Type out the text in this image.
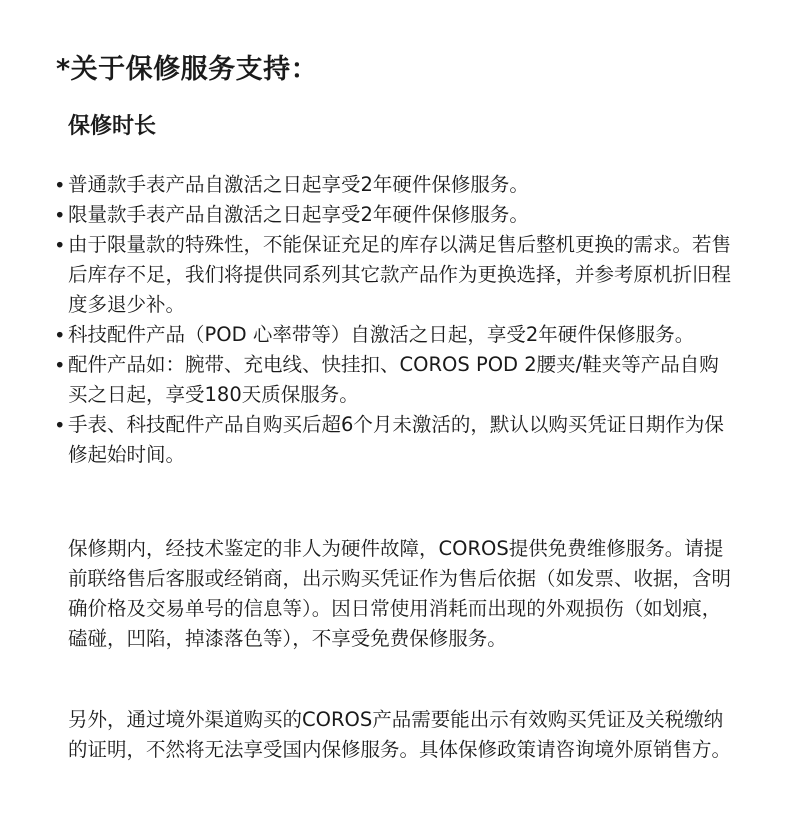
*关于保修服务支持：
保修时长
• 普通款手表产品自激活之日起享受2年硬件保修服务。
• 限量款手表产品自激活之日起享受2年硬件保修服务。
• 由于限量款的特殊性，不能保证充足的库存以满足售后整机更换的需求。若售后库存不足，我们将提供同系列其它款产品作为更换选择，并参考原机折旧程度多退少补。
• 科技配件产品（POD 心率带等）自激活之日起，享受2年硬件保修服务。
• 配件产品如：腕带、充电线、快挂扣、COROS POD 2腰夹/鞋夹等产品自购买之日起，享受180天质保服务。
• 手表、科技配件产品自购买后超6个月未激活的，默认以购买凭证日期作为保修起始时间。

保修期内，经技术鉴定的非人为硬件故障，COROS提供免费维修服务。请提前联络售后客服或经销商，出示购买凭证作为售后依据（如发票、收据，含明确价格及交易单号的信息等）。因日常使用消耗而出现的外观损伤（如划痕，磕碰，凹陷，掉漆落色等），不享受免费保修服务。

另外，通过境外渠道购买的COROS产品需要能出示有效购买凭证及关税缴纳的证明，不然将无法享受国内保修服务。具体保修政策请咨询境外原销售方。
